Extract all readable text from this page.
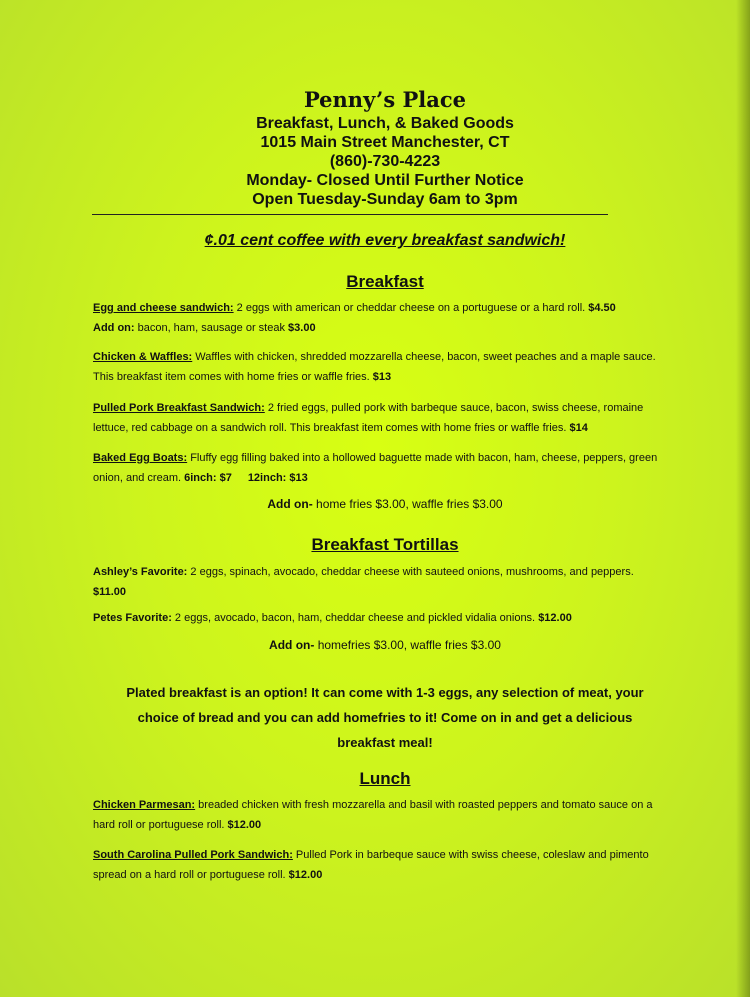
Penny’s Place
Breakfast, Lunch, & Baked Goods
1015 Main Street Manchester, CT
(860)-730-4223
Monday- Closed Until Further Notice
Open Tuesday-Sunday 6am to 3pm
¢.01 cent coffee with every breakfast sandwich!
Breakfast
Egg and cheese sandwich: 2 eggs with american or cheddar cheese on a portuguese or a hard roll. $4.50
Add on: bacon, ham, sausage or steak $3.00
Chicken & Waffles: Waffles with chicken, shredded mozzarella cheese, bacon, sweet peaches and a maple sauce.
This breakfast item comes with home fries or waffle fries. $13
Pulled Pork Breakfast Sandwich: 2 fried eggs, pulled pork with barbeque sauce, bacon, swiss cheese, romaine
lettuce, red cabbage on a sandwich roll. This breakfast item comes with home fries or waffle fries. $14
Baked Egg Boats: Fluffy egg filling baked into a hollowed baguette made with bacon, ham, cheese, peppers, green
onion, and cream. 6inch: $7 12inch: $13
Add on- home fries $3.00, waffle fries $3.00
Breakfast Tortillas
Ashley’s Favorite: 2 eggs, spinach, avocado, cheddar cheese with sauteed onions, mushrooms, and peppers.
$11.00
Petes Favorite: 2 eggs, avocado, bacon, ham, cheddar cheese and pickled vidalia onions. $12.00
Add on- homefries $3.00, waffle fries $3.00
Plated breakfast is an option! It can come with 1-3 eggs, any selection of meat, your
choice of bread and you can add homefries to it! Come on in and get a delicious
breakfast meal!
Lunch
Chicken Parmesan: breaded chicken with fresh mozzarella and basil with roasted peppers and tomato sauce on a
hard roll or portuguese roll. $12.00
South Carolina Pulled Pork Sandwich: Pulled Pork in barbeque sauce with swiss cheese, coleslaw and pimento
spread on a hard roll or portuguese roll. $12.00
